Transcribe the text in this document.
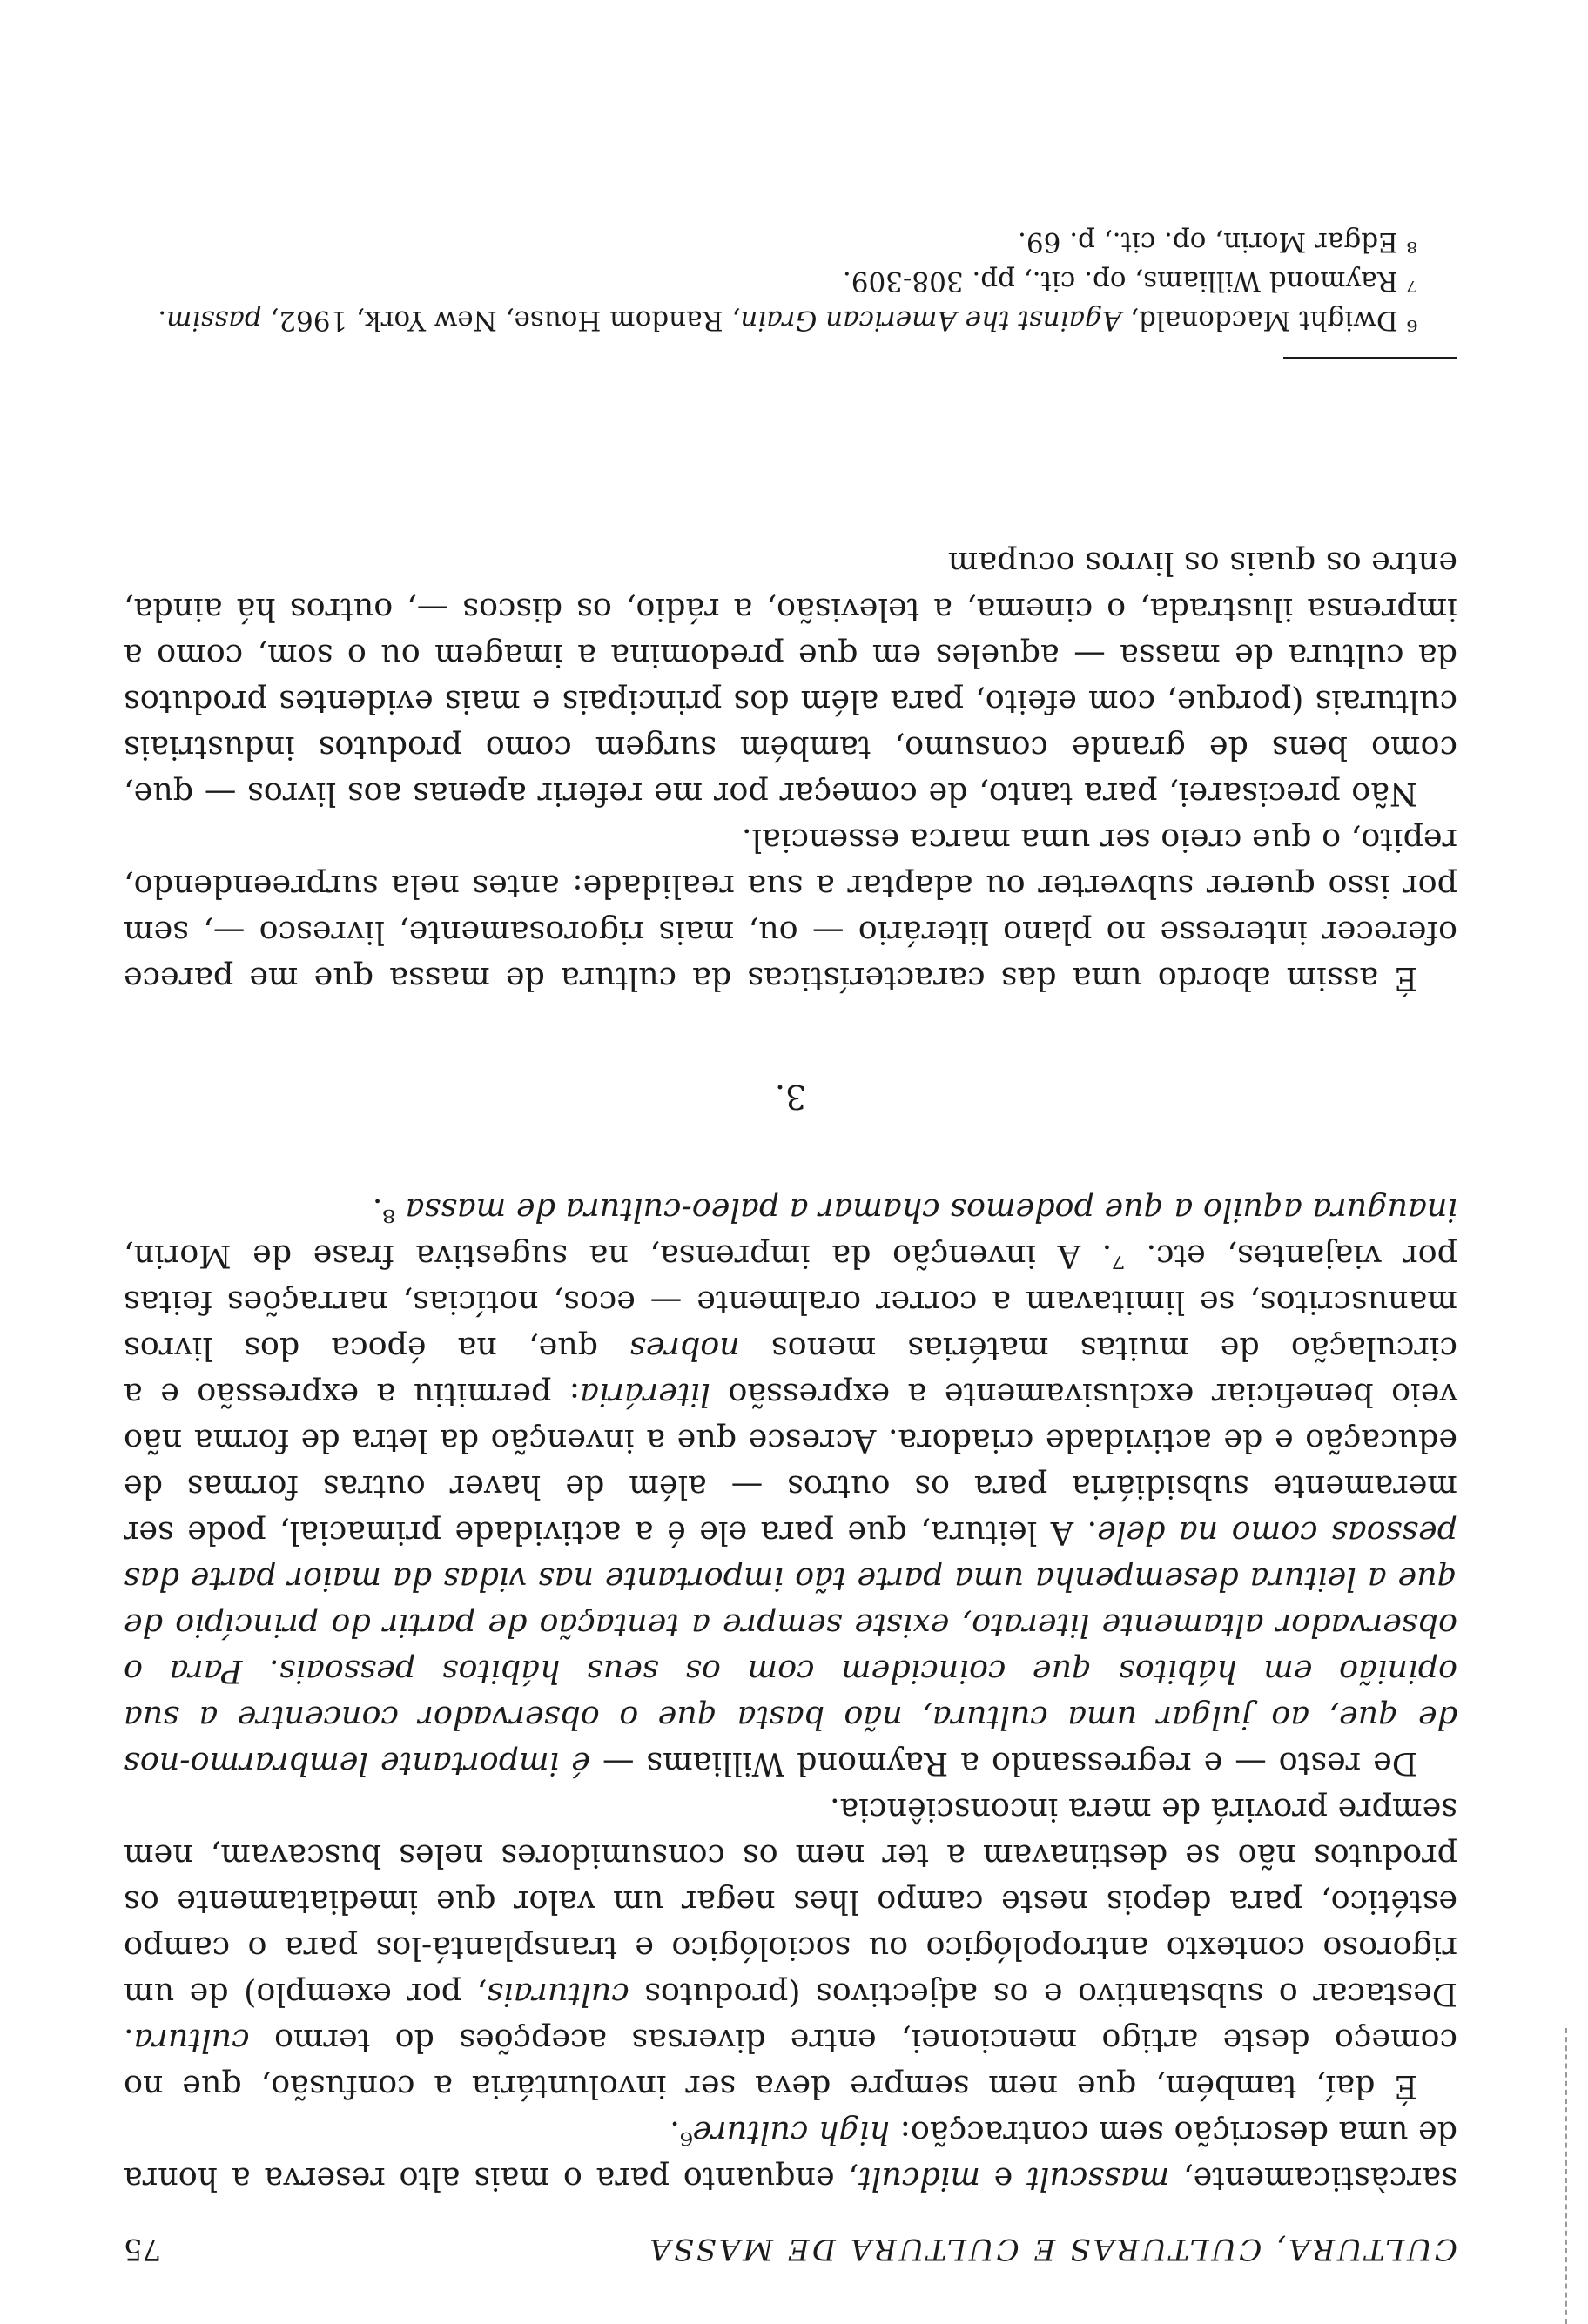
CULTURA, CULTURAS E CULTURA DE MASSA
75

sarcàsticamente, masscult e midcult, enquanto para o mais alto reserva a honra de uma descrição sem contracção: high culture⁶.

É daí, também, que nem sempre deva ser involuntária a confusão, que no começo deste artigo mencionei, entre diversas acepções do termo cultura. Destacar o substantivo e os adjectivos (produtos culturais, por exemplo) de um rigoroso contexto antropológico ou sociológico e transplantá-los para o campo estético, para depois neste campo lhes negar um valor que imediatamente os produtos não se destinavam a ter nem os consumidores neles buscavam, nem sempre provirá de mera inconsciência.

De resto — e regressando a Raymond Williams — é importante lembrarmo-nos de que, ao julgar uma cultura, não basta que o observador concentre a sua opinião em hábitos que coincidem com os seus hábitos pessoais. Para o observador altamente literato, existe sempre a tentação de partir do princípio de que a leitura desempenha uma parte tão importante nas vidas da maior parte das pessoas como na dele. A leitura, que para ele é a actividade primacial, pode ser meramente subsidiária para os outros — além de haver outras formas de educação e de actividade criadora. Acresce que a invenção da letra de forma não veio beneficiar exclusivamente a expressão literária: permitiu a expressão e a circulação de muitas matérias menos nobres que, na época dos livros manuscritos, se limitavam a correr oralmente — ecos, notícias, narrações feitas por viajantes, etc. ⁷. A invenção da imprensa, na sugestiva frase de Morin, inaugura aquilo a que podemos chamar a paleo-cultura de massa ⁸.

3.

É assim abordo uma das características da cultura de massa que me parece oferecer interesse no plano literário — ou, mais rigorosamente, livresco —, sem por isso querer subverter ou adaptar a sua realidade: antes nela surpreendendo, repito, o que creio ser uma marca essencial.

Não precisarei, para tanto, de começar por me referir apenas aos livros — que, como bens de grande consumo, também surgem como produtos industriais culturais (porque, com efeito, para além dos principais e mais evidentes produtos da cultura de massa — aqueles em que predomina a imagem ou o som, como a imprensa ilustrada, o cinema, a televisão, a rádio, os discos —, outros há ainda, entre os quais os livros ocupam

⁶ Dwight Macdonald, Against the American Grain, Random House, New York, 1962, passim.

⁷ Raymond Williams, op. cit., pp. 308-309.

⁸ Edgar Morin, op. cit., p. 69.
